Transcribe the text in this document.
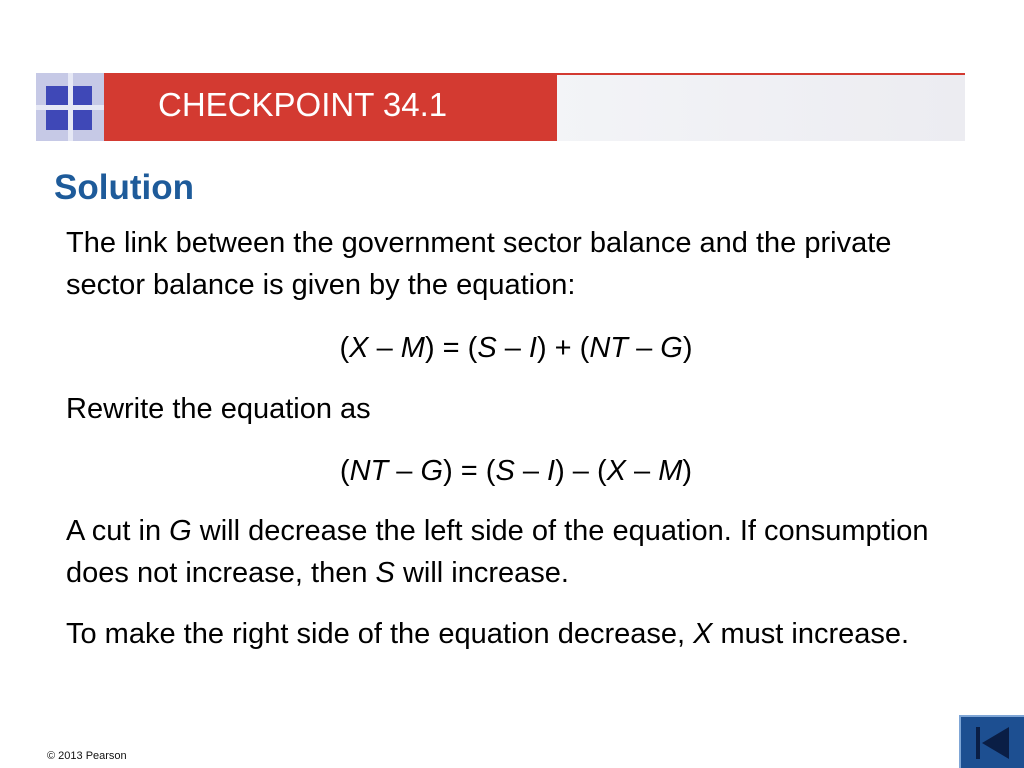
CHECKPOINT 34.1
Solution

The link between the government sector balance and the private sector balance is given by the equation:

(X – M) = (S – I) + (NT – G)

Rewrite the equation as

(NT – G) = (S – I) – (X – M)

A cut in G will decrease the left side of the equation. If consumption does not increase, then S will increase.

To make the right side of the equation decrease, X must increase.

© 2013 Pearson
